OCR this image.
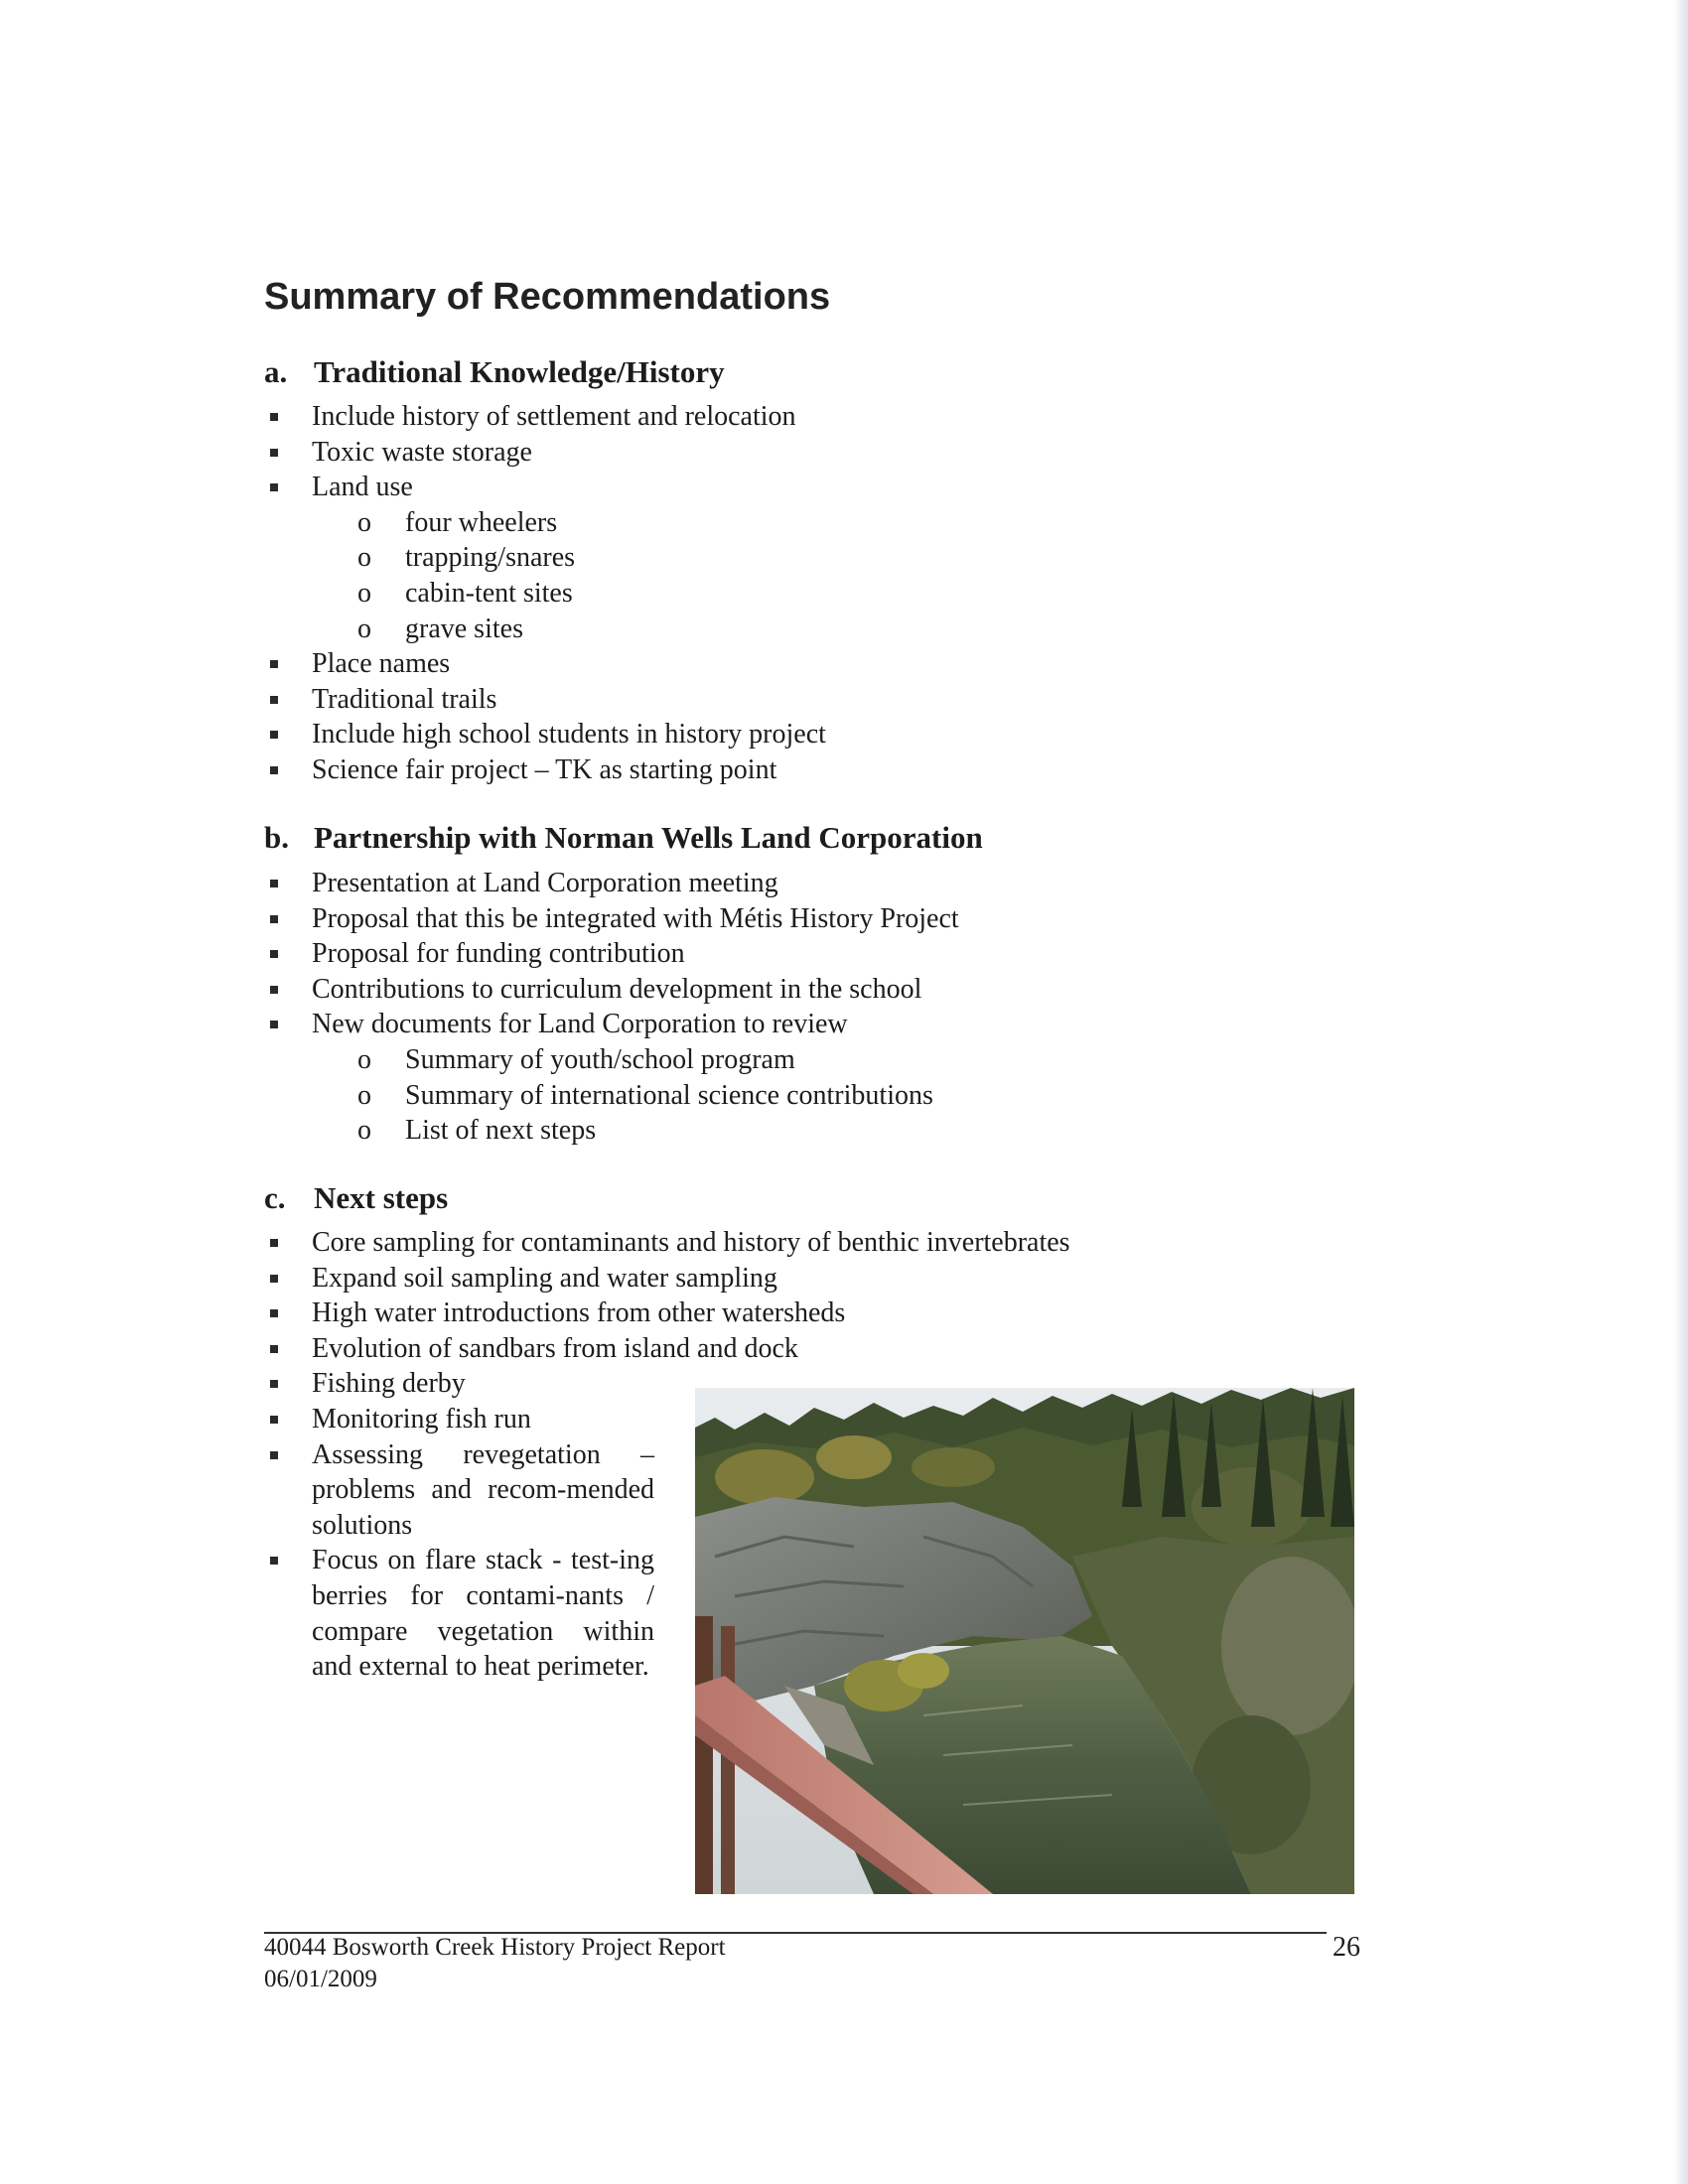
Summary of Recommendations
a. Traditional Knowledge/History
Include history of settlement and relocation
Toxic waste storage
Land use
o four wheelers
o trapping/snares
o cabin-tent sites
o grave sites
Place names
Traditional trails
Include high school students in history project
Science fair project – TK as starting point
b. Partnership with Norman Wells Land Corporation
Presentation at Land Corporation meeting
Proposal that this be integrated with Métis History Project
Proposal for funding contribution
Contributions to curriculum development in the school
New documents for Land Corporation to review
o Summary of youth/school program
o Summary of international science contributions
o List of next steps
c. Next steps
Core sampling for contaminants and history of benthic invertebrates
Expand soil sampling and water sampling
High water introductions from other watersheds
Evolution of sandbars from island and dock
Fishing derby
Monitoring fish run
Assessing revegetation – problems and recom-mended solutions
Focus on flare stack - test-ing berries for contami-nants / compare vegetation within and external to heat perimeter.
40044 Bosworth Creek History Project Report
06/01/2009
26
